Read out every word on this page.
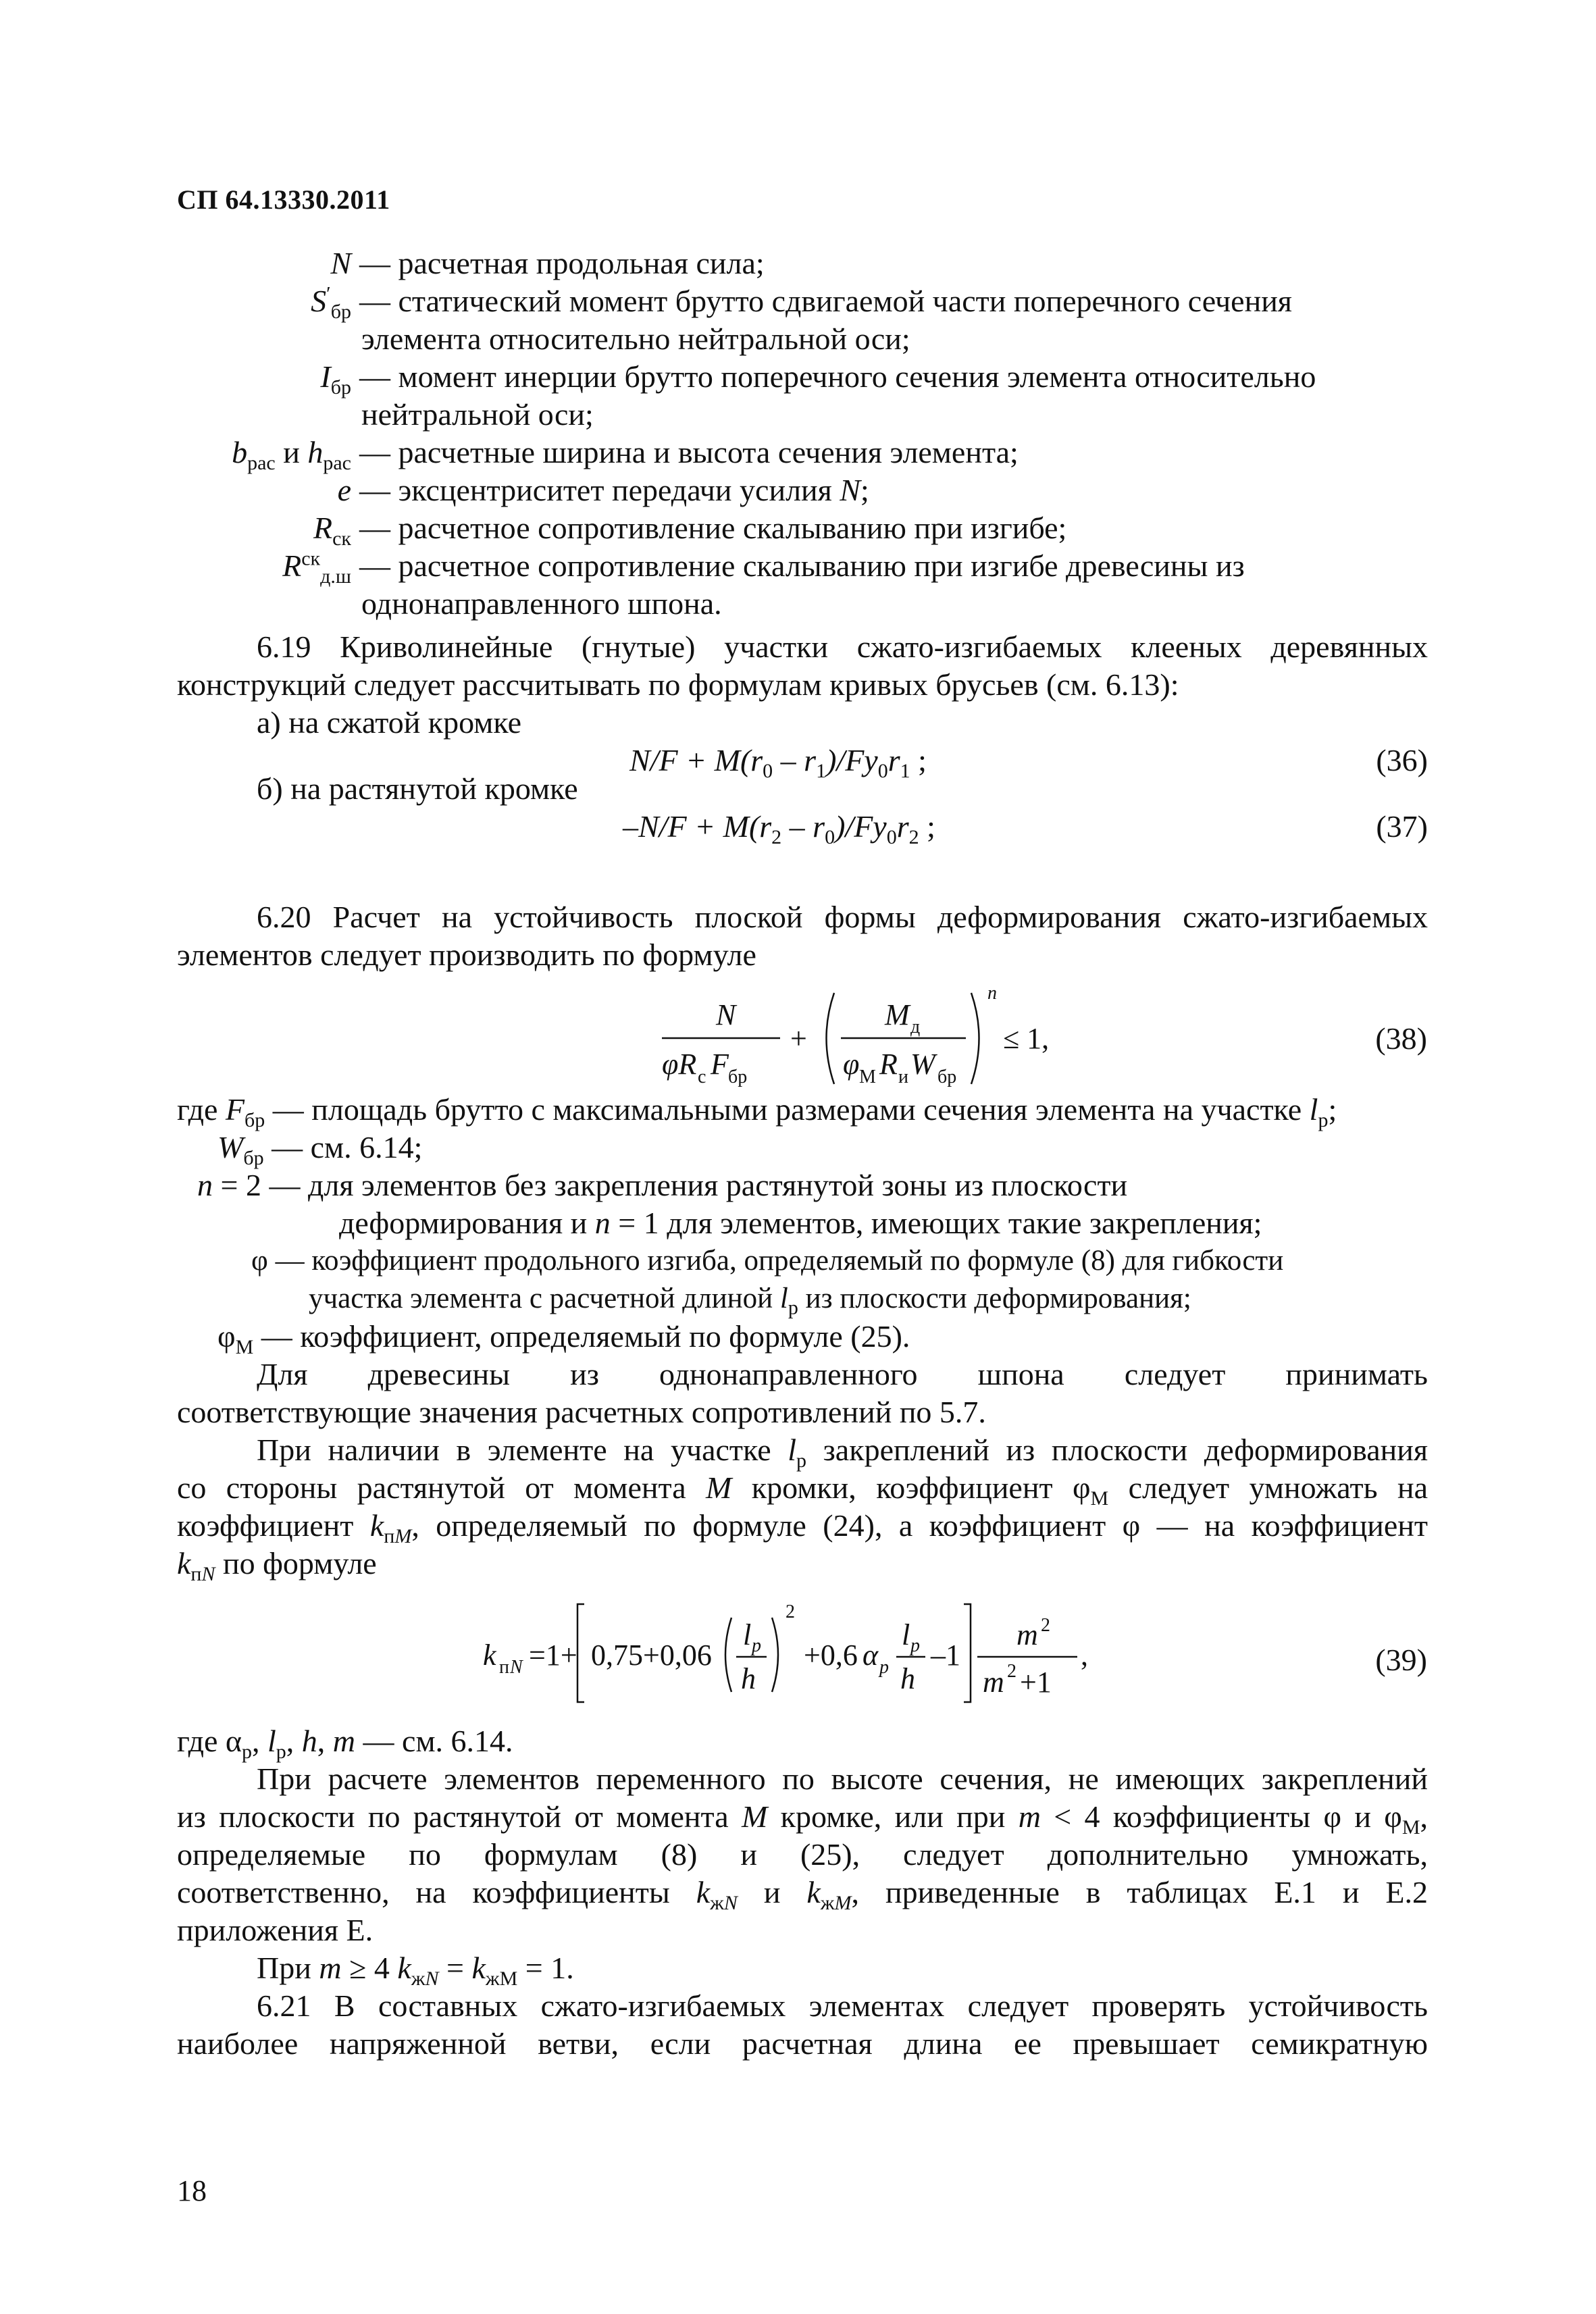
СП 64.13330.2011
N — расчетная продольная сила;
$S'_{бр}$ — статический момент брутто сдвигаемой части поперечного сечения
элемента относительно нейтральной оси;
$I_{бр}$ — момент инерции брутто поперечного сечения элемента относительно
нейтральной оси;
$b_{рас}$ и $h_{рас}$ — расчетные ширина и высота сечения элемента;
e — эксцентриситет передачи усилия N;
$R_{ск}$ — расчетное сопротивление скалыванию при изгибе;
$R^{ск}_{д.ш}$ — расчетное сопротивление скалыванию при изгибе древесины из
однонаправленного шпона.

6.19 Криволинейные (гнутые) участки сжато-изгибаемых клееных деревянных конструкций следует рассчитывать по формулам кривых брусьев (см. 6.13):

а) на сжатой кромке
$N/F + M(r_0 - r_1)/Fy_0r_1$ ;	(36)
б) на растянутой кромке
$-N/F + M(r_2 - r_0)/Fy_0r_2$ ;	(37)

6.20 Расчет на устойчивость плоской формы деформирования сжато-изгибаемых элементов следует производить по формуле

N
φR с F бр
+
M д
φ М R и W бр
n
≤ 1,	(38)
где $F_{бр}$ — площадь брутто с максимальными размерами сечения элемента на участке $l_р$;
$W_{бр}$ — см. 6.14;
n = 2 — для элементов без закрепления растянутой зоны из плоскости
деформирования и n = 1 для элементов, имеющих такие закрепления;
φ — коэффициент продольного изгиба, определяемый по формуле (8) для гибкости
участка элемента с расчетной длиной $l_р$ из плоскости деформирования;
$\varphi_М$ — коэффициент, определяемый по формуле (25).
Для древесины из однонаправленного шпона следует принимать
соответствующие значения расчетных сопротивлений по 5.7.
При наличии в элементе на участке $l_р$ закреплений из плоскости деформирования
со стороны растянутой от момента M кромки, коэффициент $\varphi_М$ следует умножать на
коэффициент $k_{пM}$, определяемый по формуле (24), а коэффициент φ — на коэффициент
$k_{пN}$ по формуле
k п N =1+ 0,75+0,06
l p
h
2
+0,6 α p
l p
h
–1
m 2
m 2 +1
,	(39)
где $\alpha_р$, $l_р$, h, m — см. 6.14.
При расчете элементов переменного по высоте сечения, не имеющих закреплений
из плоскости по растянутой от момента M кромке, или при m < 4 коэффициенты φ и $\varphi_М$,
определяемые по формулам (8) и (25), следует дополнительно умножать,
соответственно, на коэффициенты $k_{жN}$ и $k_{жM}$, приведенные в таблицах Е.1 и Е.2
приложения Е.
При m ≥ 4 $k_{жN} = k_{жМ} = 1$.
6.21 В составных сжато-изгибаемых элементах следует проверять устойчивость
наиболее напряженной ветви, если расчетная длина ее превышает семикратную
18
